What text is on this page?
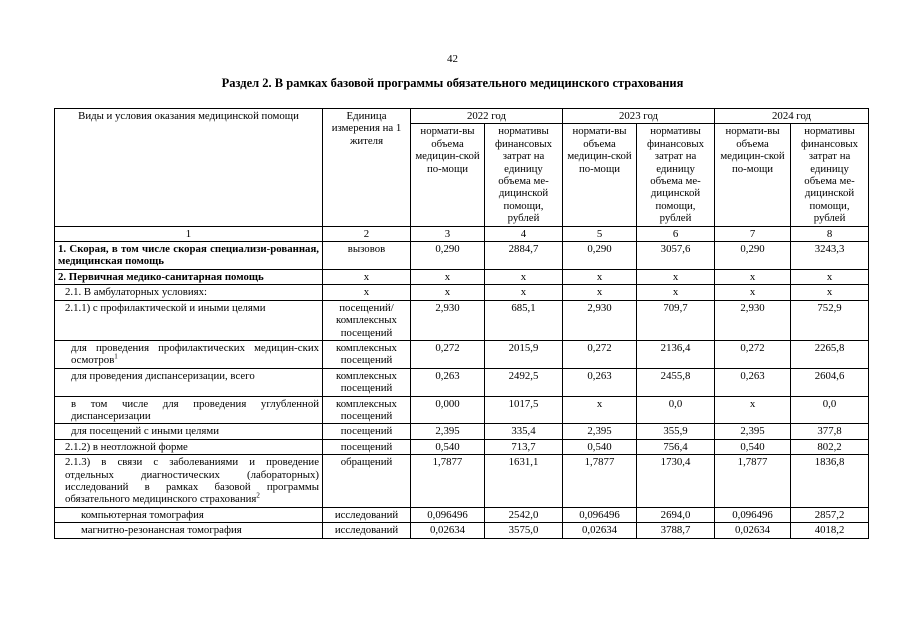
42
Раздел 2. В рамках базовой программы обязательного медицинского страхования
Виды и условия оказания медицинской помощи	Единица измерения на 1 жителя	2022 год		2023 год		2024 год	
		нормати-вы объема медицин-ской по-мощи	нормативы финансовых затрат на единицу объема ме-дицинской помощи, рублей	нормати-вы объема медицин-ской по-мощи	нормативы финансовых затрат на единицу объема ме-дицинской помощи, рублей	нормати-вы объема медицин-ской по-мощи	нормативы финансовых затрат на единицу объема ме-дицинской помощи, рублей
1	2	3	4	5	6	7	8
1. Скорая, в том числе скорая специализи-рованная, медицинская помощь	вызовов	0,290	2884,7	0,290	3057,6	0,290	3243,3
2. Первичная медико-санитарная помощь	х	х	х	х	х	х	х
2.1. В амбулаторных условиях:	х	х	х	х	х	х	х
2.1.1) с профилактической и иными целями	посещений/ комплексных посещений	2,930	685,1	2,930	709,7	2,930	752,9
для проведения профилактических медицин-ских осмотров$^1$	комплексных посещений	0,272	2015,9	0,272	2136,4	0,272	2265,8
для проведения диспансеризации, всего	комплексных посещений	0,263	2492,5	0,263	2455,8	0,263	2604,6
в том числе для проведения углубленной диспансеризации	комплексных посещений	0,000	1017,5	х	0,0	х	0,0
для посещений с иными целями	посещений	2,395	335,4	2,395	355,9	2,395	377,8
2.1.2) в неотложной форме	посещений	0,540	713,7	0,540	756,4	0,540	802,2
2.1.3) в связи с заболеваниями и проведение отдельных диагностических (лабораторных) исследований в рамках базовой программы обязательного медицинского страхования$^2$	обращений	1,7877	1631,1	1,7877	1730,4	1,7877	1836,8
компьютерная томография	исследований	0,096496	2542,0	0,096496	2694,0	0,096496	2857,2
магнитно-резонансная томография	исследований	0,02634	3575,0	0,02634	3788,7	0,02634	4018,2
